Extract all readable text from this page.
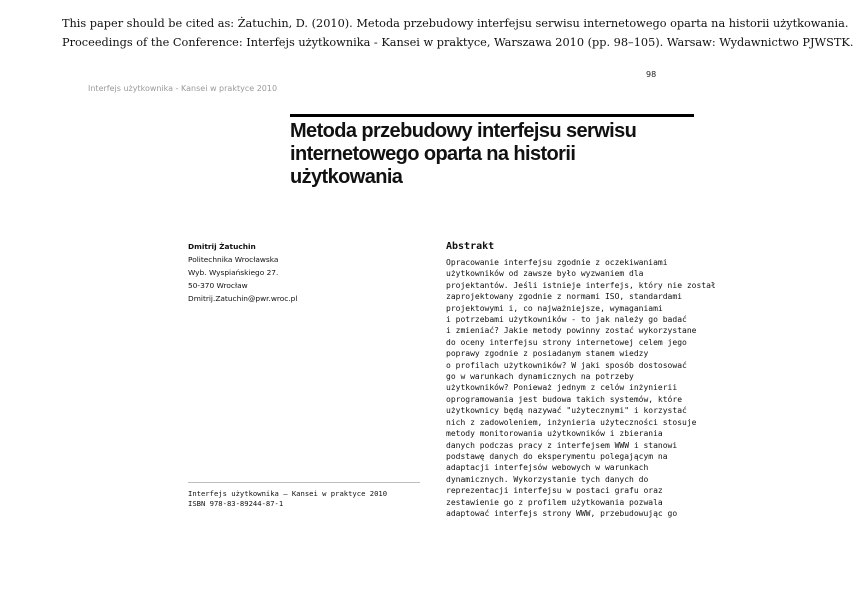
This paper should be cited as: Żatuchin, D. (2010). Metoda przebudowy interfejsu serwisu internetowego oparta na historii użytkowania.
Proceedings of the Conference: Interfejs użytkownika - Kansei w praktyce, Warszawa 2010 (pp. 98–105). Warsaw: Wydawnictwo PJWSTK.
98
Interfejs użytkownika - Kansei w praktyce 2010
Metoda przebudowy interfejsu serwisu
internetowego oparta na historii
użytkowania
Dmitrij Żatuchin
Politechnika Wrocławska
Wyb. Wyspiańskiego 27.
50-370 Wrocław
Dmitrij.Zatuchin@pwr.wroc.pl
Interfejs użytkownika – Kansei w praktyce 2010
ISBN 978-83-89244-87-1
Abstrakt
Opracowanie interfejsu zgodnie z oczekiwaniami
użytkowników od zawsze było wyzwaniem dla
projektantów. Jeśli istnieje interfejs, który nie został
zaprojektowany zgodnie z normami ISO, standardami
projektowymi i, co najważniejsze, wymaganiami
i potrzebami użytkowników - to jak należy go badać
i zmieniać? Jakie metody powinny zostać wykorzystane
do oceny interfejsu strony internetowej celem jego
poprawy zgodnie z posiadanym stanem wiedzy
o profilach użytkowników? W jaki sposób dostosować
go w warunkach dynamicznych na potrzeby
użytkowników? Ponieważ jednym z celów inżynierii
oprogramowania jest budowa takich systemów, które
użytkownicy będą nazywać "użytecznymi" i korzystać
nich z zadowoleniem, inżynieria użyteczności stosuje
metody monitorowania użytkowników i zbierania
danych podczas pracy z interfejsem WWW i stanowi
podstawę danych do eksperymentu polegającym na
adaptacji interfejsów webowych w warunkach
dynamicznych. Wykorzystanie tych danych do
reprezentacji interfejsu w postaci grafu oraz
zestawienie go z profilem użytkowania pozwala
adaptować interfejs strony WWW, przebudowując go
